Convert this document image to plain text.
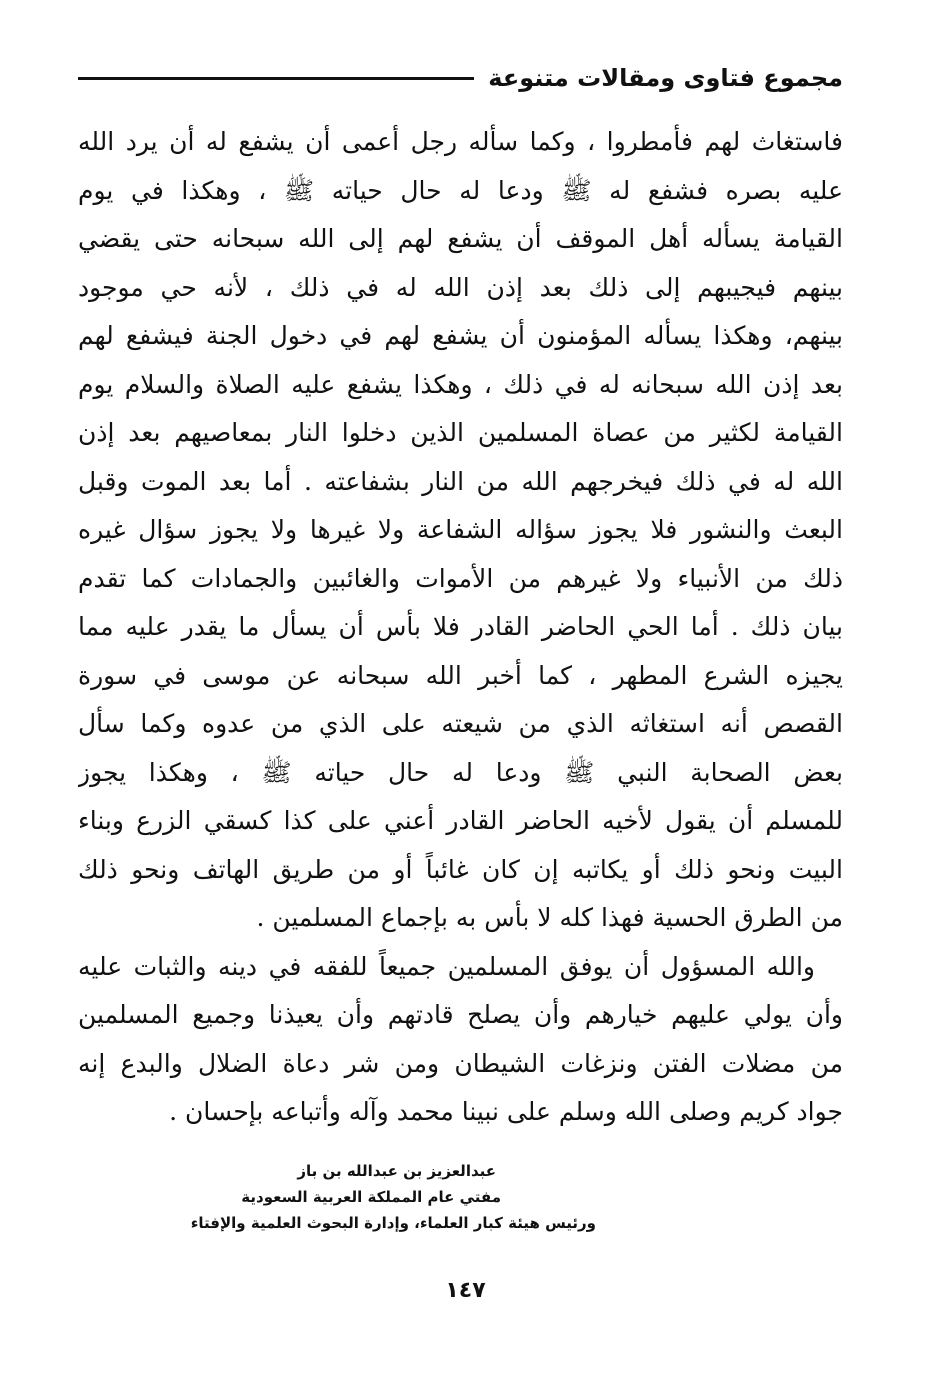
مجموع فتاوى ومقالات متنوعة

فاستغاث لهم فأمطروا ، وكما سأله رجل أعمى أن يشفع له أن يرد الله
عليه بصره فشفع له ﷺ ودعا له حال حياته ﷺ ، وهكذا في يوم
القيامة يسأله أهل الموقف أن يشفع لهم إلى الله سبحانه حتى يقضي
بينهم فيجيبهم إلى ذلك بعد إذن الله له في ذلك ، لأنه حي موجود
بينهم، وهكذا يسأله المؤمنون أن يشفع لهم في دخول الجنة فيشفع لهم
بعد إذن الله سبحانه له في ذلك ، وهكذا يشفع عليه الصلاة والسلام يوم
القيامة لكثير من عصاة المسلمين الذين دخلوا النار بمعاصيهم بعد إذن
الله له في ذلك فيخرجهم الله من النار بشفاعته . أما بعد الموت وقبل
البعث والنشور فلا يجوز سؤاله الشفاعة ولا غيرها ولا يجوز سؤال غيره
ذلك من الأنبياء ولا غيرهم من الأموات والغائبين والجمادات كما تقدم
بيان ذلك . أما الحي الحاضر القادر فلا بأس أن يسأل ما يقدر عليه مما
يجيزه الشرع المطهر ، كما أخبر الله سبحانه عن موسى في سورة
القصص أنه استغاثه الذي من شيعته على الذي من عدوه وكما سأل
بعض الصحابة النبي ﷺ ودعا له حال حياته ﷺ ، وهكذا يجوز
للمسلم أن يقول لأخيه الحاضر القادر أعني على كذا كسقي الزرع وبناء
البيت ونحو ذلك أو يكاتبه إن كان غائباً أو من طريق الهاتف ونحو ذلك
من الطرق الحسية فهذا كله لا بأس به بإجماع المسلمين .

والله المسؤول أن يوفق المسلمين جميعاً للفقه في دينه والثبات عليه
وأن يولي عليهم خيارهم وأن يصلح قادتهم وأن يعيذنا وجميع المسلمين
من مضلات الفتن ونزغات الشيطان ومن شر دعاة الضلال والبدع إنه
جواد كريم وصلى الله وسلم على نبينا محمد وآله وأتباعه بإحسان .

عبدالعزيز بن عبدالله بن باز
مفتي عام المملكة العربية السعودية
ورئيس هيئة كبار العلماء، وإدارة البحوث العلمية والإفتاء
١٤٧
